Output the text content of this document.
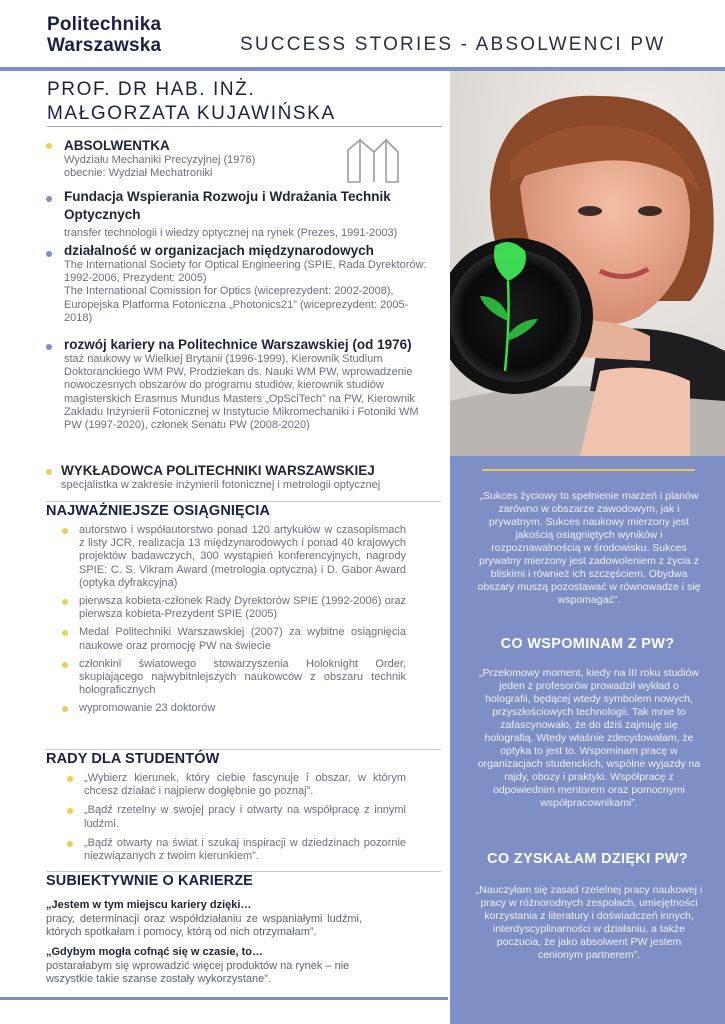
Politechnika
Warszawska	SUCCESS STORIES - ABSOLWENCI PW
PROF. DR HAB. INŻ.
MAŁGORZATA KUJAWIŃSKA
ABSOLWENTKA
Wydziału Mechaniki Precyzyjnej (1976)
obecnie: Wydział Mechatroniki
Fundacja Wspierania Rozwoju i Wdrażania Technik Optycznych
transfer technologii i wiedzy optycznej na rynek (Prezes, 1991-2003)
działalność w organizacjach międzynarodowych
The International Society for Optical Engineering (SPIE, Rada Dyrektorów: 1992-2006, Prezydent: 2005)
The International Comission for Optics (wiceprezydent: 2002-2008), Europejska Platforma Fotoniczna „Photonics21” (wiceprezydent: 2005-2018)
rozwój kariery na Politechnice Warszawskiej (od 1976)
staż naukowy w Wielkiej Brytanii (1996-1999), Kierownik Studium Doktoranckiego WM PW, Prodziekan ds. Nauki WM PW, wprowadzenie nowoczesnych obszarów do programu studiów, kierownik studiów magisterskich Erasmus Mundus Masters „OpSciTech” na PW, Kierownik Zakładu Inżynierii Fotonicznej w Instytucie Mikromechaniki i Fotoniki WM PW (1997-2020), członek Senatu PW (2008-2020)
WYKŁADOWCA POLITECHNIKI WARSZAWSKIEJ
specjalistka w zakresie inżynierii fotonicznej i metrologii optycznej
NAJWAŻNIEJSZE OSIĄGNIĘCIA
autorstwo i współautorstwo ponad 120 artykułów w czasopismach z listy JCR, realizacja 13 międzynarodowych i ponad 40 krajowych projektów badawczych, 300 wystąpień konferencyjnych, nagrody SPIE: C. S. Vikram Award (metrologia optyczna) i D. Gabor Award (optyka dyfrakcyjna)
pierwsza kobieta-członek Rady Dyrektorów SPIE (1992-2006) oraz pierwsza kobieta-Prezydent SPIE (2005)
Medal Politechniki Warszawskiej (2007) za wybitne osiągnięcia naukowe oraz promocję PW na świecie
członkini światowego stowarzyszenia Holoknight Order, skupiającego najwybitniejszych naukowców z obszaru technik holograficznych
wypromowanie 23 doktorów
RADY DLA STUDENTÓW
„Wybierz kierunek, który ciebie fascynuje i obszar, w którym chcesz działać i najpierw dogłębnie go poznaj”.
„Bądź rzetelny w swojej pracy i otwarty na współpracę z innymi ludźmi.
„Bądź otwarty na świat i szukaj inspiracji w dziedzinach pozornie niezwiązanych z twoim kierunkiem”.
SUBIEKTYWNIE O KARIERZE
„Jestem w tym miejscu kariery dzięki…
pracy, determinacji oraz współdziałaniu ze wspaniałymi ludźmi, których spotkałam i pomocy, którą od nich otrzymałam”.
„Gdybym mogła cofnąć się w czasie, to…
postarałabym się wprowadzić więcej produktów na rynek – nie wszystkie takie szanse zostały wykorzystane”.
„Sukces życiowy to spełnienie marzeń i planów zarówno w obszarze zawodowym, jak i prywatnym. Sukces naukowy mierzony jest jakością osiągniętych wyników i rozpoznawalnością w środowisku. Sukces prywatny mierzony jest zadowoleniem z życia z bliskimi i również ich szczęściem. Obydwa obszary muszą pozostawać w równowadze i się wspomagać”.
CO WSPOMINAM Z PW?
„Przełomowy moment, kiedy na III roku studiów jeden z profesorów prowadził wykład o holografii, będącej wtedy symbolem nowych, przyszłościowych technologii. Tak mnie to zafascynowało, że do dziś zajmuję się holografią. Wtedy właśnie zdecydowałam, że optyka to jest to. Wspominam pracę w organizacjach studenckich, wspólne wyjazdy na rajdy, obozy i praktyki. Współpracę z odpowiednim mentorem oraz pomocnymi współpracownikami”.
CO ZYSKAŁAM DZIĘKI PW?
„Nauczyłam się zasad rzetelnej pracy naukowej i pracy w różnorodnych zespołach, umiejętności korzystania z literatury i doświadczeń innych, interdyscyplinarności w działaniu, a także poczucia, że jako absolwent PW jestem cenionym partnerem”.
